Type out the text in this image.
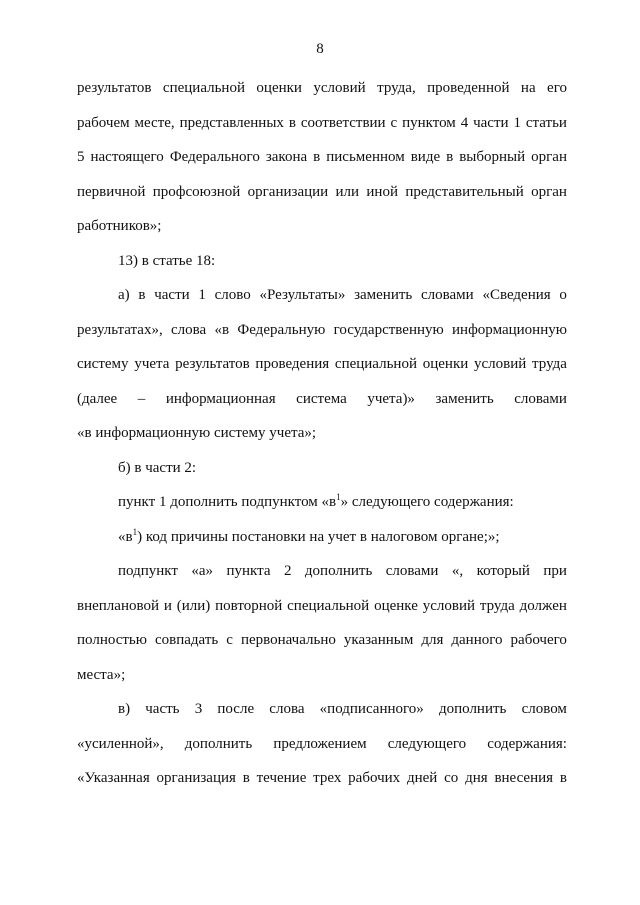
8
результатов специальной оценки условий труда, проведенной на его
рабочем месте, представленных в соответствии с пунктом 4 части 1 статьи
5 настоящего Федерального закона в письменном виде в выборный орган
первичной профсоюзной организации или иной представительный орган
работников»;
13) в статье 18:
а) в части 1 слово «Результаты» заменить словами «Сведения о
результатах», слова «в Федеральную государственную информационную
систему учета результатов проведения специальной оценки условий труда
(далее – информационная система учета)» заменить словами
«в информационную систему учета»;
б) в части 2:
пункт 1 дополнить подпунктом «$в^1$» следующего содержания:
«$в^1$) код причины постановки на учет в налоговом органе;»;
подпункт «а» пункта 2 дополнить словами «, который при
внеплановой и (или) повторной специальной оценке условий труда должен
полностью совпадать с первоначально указанным для данного рабочего
места»;
в) часть 3 после слова «подписанного» дополнить словом
«усиленной», дополнить предложением следующего содержания:
«Указанная организация в течение трех рабочих дней со дня внесения в
